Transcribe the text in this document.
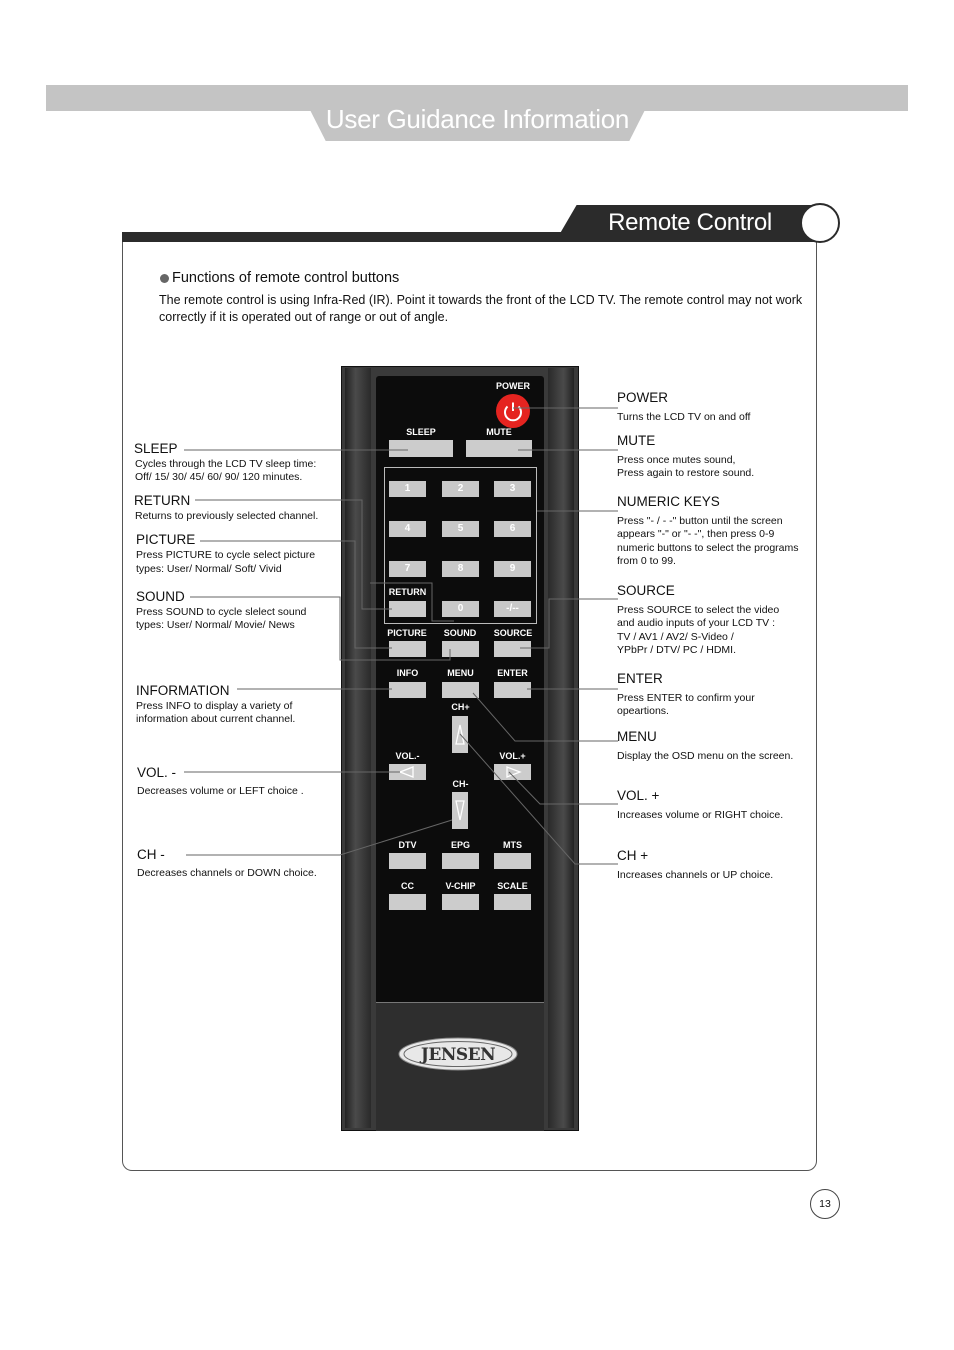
User Guidance Information
Remote Control
Functions of remote control buttons
The remote control is using Infra-Red (IR). Point it towards the front of the LCD TV. The remote control may not work correctly if it is operated out of range or out of angle.
POWER
SLEEP	MUTE
1	2	3
4	5	6
7	8	9
RETURN
0	-/--
PICTURE	SOUND	SOURCE
INFO	MENU	ENTER
CH+
VOL.-	VOL.+
CH-
DTV	EPG	MTS
CC	V-CHIP	SCALE
JENSEN
POWER
Turns the LCD TV on and off
MUTE
Press once mutes sound,
Press again to restore sound.
NUMERIC KEYS
Press "- / - -" button until the screen
appears "-" or "- -", then press 0-9
numeric buttons to select the programs
from 0 to 99.
SOURCE
Press SOURCE to select the video
and audio inputs of your LCD TV :
TV / AV1 / AV2/ S-Video /
YPbPr / DTV/ PC / HDMI.
ENTER
Press ENTER to confirm your
opeartions.
MENU
Display the OSD menu on the screen.
VOL. +
Increases volume or RIGHT choice.
CH +
Increases channels or UP choice.
SLEEP
Cycles through the LCD TV sleep time:
Off/ 15/ 30/ 45/ 60/ 90/ 120 minutes.
RETURN
Returns to previously selected channel.
PICTURE
Press PICTURE to cycle select picture
types: User/ Normal/ Soft/ Vivid
SOUND
Press SOUND to cycle slelect sound
types: User/ Normal/ Movie/ News
INFORMATION
Press INFO to display a variety of
information about current channel.
VOL. -
Decreases volume or LEFT choice .
CH -
Decreases channels or DOWN choice.
13
